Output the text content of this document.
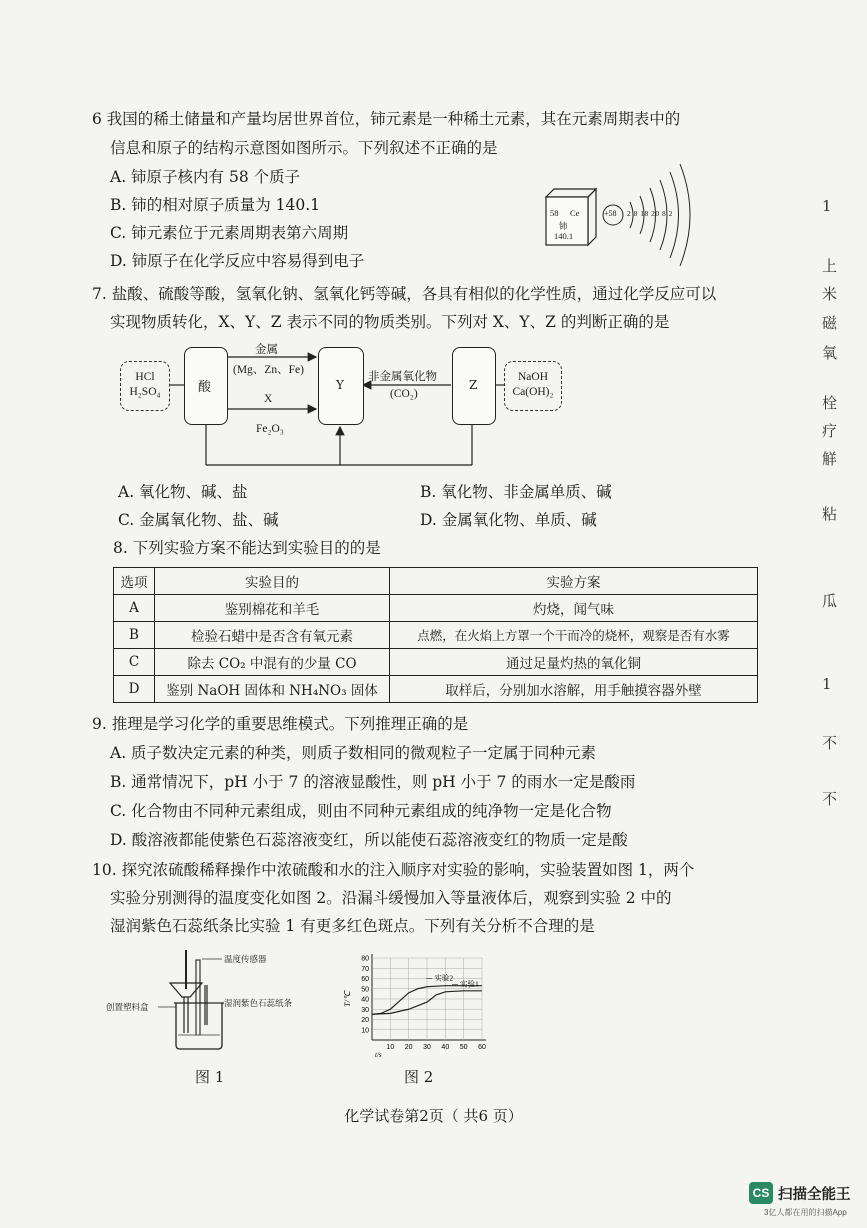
6 我国的稀土储量和产量均居世界首位，铈元素是一种稀土元素，其在元素周期表中的
信息和原子的结构示意图如图所示。下列叙述不正确的是
A. 铈原子核内有 58 个质子
B. 铈的相对原子质量为 140.1
C. 铈元素位于元素周期表第六周期
D. 铈原子在化学反应中容易得到电子
58 Ce
铈
140.1
+58 2 8 18 20 8 2
7. 盐酸、硫酸等酸，氢氧化钠、氢氧化钙等碱，各具有相似的化学性质，通过化学反应可以
实现物质转化，X、Y、Z 表示不同的物质类别。下列对 X、Y、Z 的判断正确的是
HCl
H₂SO₄	酸
金属
(Mg、Zn、Fe)
X
Fe₂O₃
Y
非金属氧化物
(CO₂)
Z
NaOH
Ca(OH)₂
A. 氧化物、碱、盐	B. 氧化物、非金属单质、碱
C. 金属氧化物、盐、碱	D. 金属氧化物、单质、碱
8. 下列实验方案不能达到实验目的的是
选项	实验目的	实验方案
A	鉴别棉花和羊毛	灼烧，闻气味
B	检验石蜡中是否含有氧元素	点燃，在火焰上方罩一个干而冷的烧杯，观察是否有水雾
C	除去 CO₂ 中混有的少量 CO	通过足量灼热的氧化铜
D	鉴别 NaOH 固体和 NH₄NO₃ 固体	取样后，分别加水溶解，用手触摸容器外壁
9. 推理是学习化学的重要思维模式。下列推理正确的是
A. 质子数决定元素的种类，则质子数相同的微观粒子一定属于同种元素
B. 通常情况下，pH 小于 7 的溶液显酸性，则 pH 小于 7 的雨水一定是酸雨
C. 化合物由不同种元素组成，则由不同种元素组成的纯净物一定是化合物
D. 酸溶液都能使紫色石蕊溶液变红，所以能使石蕊溶液变红的物质一定是酸
10. 探究浓硫酸稀释操作中浓硫酸和水的注入顺序对实验的影响，实验装置如图 1，两个
实验分别测得的温度变化如图 2。沿漏斗缓慢加入等量液体后，观察到实验 2 中的
湿润紫色石蕊纸条比实验 1 有更多红色斑点。下列有关分析不合理的是
温度传感器
创置塑料盒	湿润紫色石蕊纸条
10
20
30
40
50
60
70
80
10 20 30 40 50 60
t/s
T/℃
实验2
实验1
图 1	图 2
化学试卷第2页（ 共6 页）
1
上
米
磁
氧
栓
疗
觧
粘
瓜
1
不
不
CS 扫描全能王
3亿人都在用的扫描App
